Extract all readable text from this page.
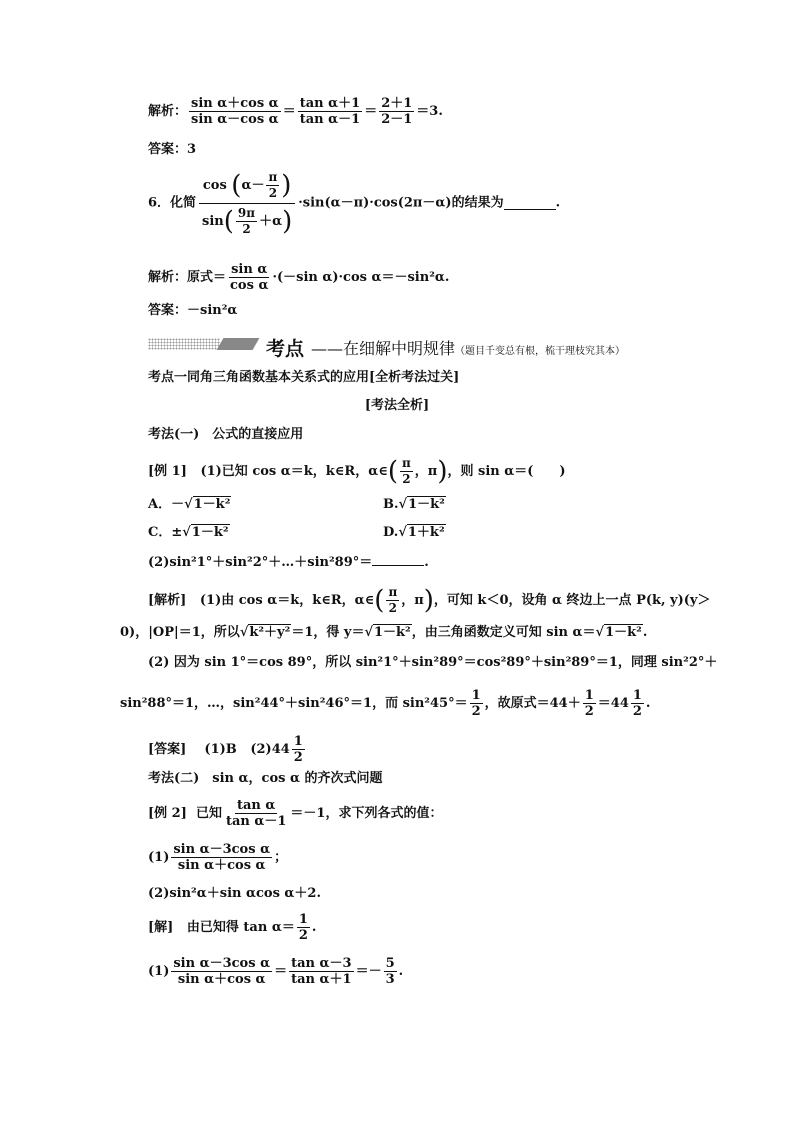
解析： $\frac{\text{sin α＋cos α}}{\text{sin α－cos α}} = \frac{\text{tan α＋1}}{\text{tan α－1}} = \frac{2+1}{2-1} =3$.
答案：3
6．化简 $\frac{\cos (\alpha- \frac{\pi}{2} )}{\sin( \frac{9\pi}{2} +\alpha)} \cdot\sin(\alpha-\pi)\cdot\cos(2\pi-\alpha)$的结果为	.
解析：原式＝ $\frac{\text{sin α}}{\text{cos α}} \cdot(-\sin$ α)·cos α＝－sin²α.
答案：－sin²α
考点 ——在细解中明规律（题目千变总有根，梳干理枝究其本）
考点一同角三角函数基本关系式的应用[全析考法过关]
[考法全析]
考法(一)　公式的直接应用
[例 1] (1)已知 cos α＝k，k∈R，α∈( $\frac{\pi}{2}$ ，π)，则 sin α＝(　　)
A．－√1－k²	B.√1－k²
C．±√1－k²	D.√1＋k²
(2)sin²1°＋sin²2°＋…＋sin²89°＝	.
[解析] (1)由 cos α＝k，k∈R，α∈( $\frac{\pi}{2}$ ，π)，可知 k＜0，设角 α 终边上一点 P(k, y)(y＞
0)，|OP|＝1，所以√k²＋y²＝1，得 y＝√1－k²，由三角函数定义可知 sin α＝√1－k².
(2) 因为 sin 1°＝cos 89°，所以 sin²1°＋sin²89°＝cos²89°＋sin²89°＝1，同理 sin²2°＋
sin²88°＝1，…，sin²44°＋sin²46°＝1，而 $\sin^245^\circ= \frac{1}{2}$ ，故原式$=44+ \frac{1}{2} =44 \frac{1}{2}$ .
[答案] (1)B $(2)44 \frac{1}{2}$
考法(二)　sin α，cos α 的齐次式问题
[例 2] 已知 $\frac{\text{tan α}}{\text{tan α－1}} =-1$，求下列各式的值：
$(1) \frac{\text{sin α－3cos α}}{\text{sin α＋cos α}}$ ；
(2)sin²α＋sin αcos α＋2.
[解] 由已知得 $\tan \alpha= \frac{1}{2}$ .
$(1) \frac{\text{sin α－3cos α}}{\text{sin α＋cos α}} = \frac{\text{tan α－3}}{\text{tan α＋1}} =- \frac{5}{3}$ .
